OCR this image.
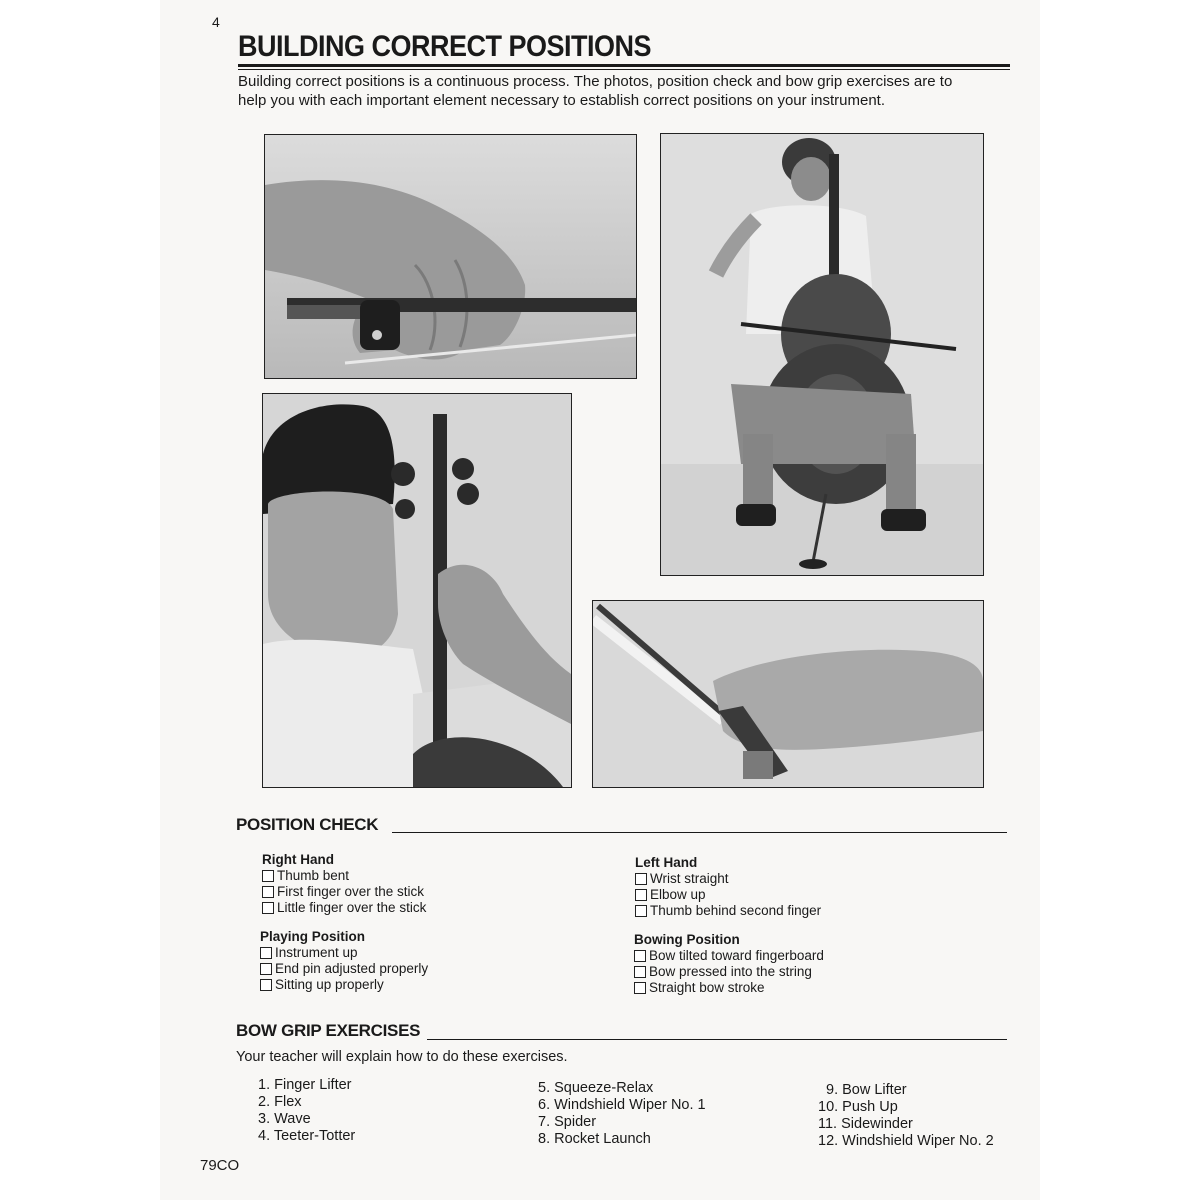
4
BUILDING CORRECT POSITIONS
Building correct positions is a continuous process. The photos, position check and bow grip exercises are to help you with each important element necessary to establish correct positions on your instrument.
POSITION CHECK
Right Hand
Thumb bent
First finger over the stick
Little finger over the stick
Playing Position
Instrument up
End pin adjusted properly
Sitting up properly
Left Hand
Wrist straight
Elbow up
Thumb behind second finger
Bowing Position
Bow tilted toward fingerboard
Bow pressed into the string
Straight bow stroke
BOW GRIP EXERCISES
Your teacher will explain how to do these exercises.
1. Finger Lifter
2. Flex
3. Wave
4. Teeter-Totter
5. Squeeze-Relax
6. Windshield Wiper No. 1
7. Spider
8. Rocket Launch
9. Bow Lifter
10. Push Up
11. Sidewinder
12. Windshield Wiper No. 2
79CO
